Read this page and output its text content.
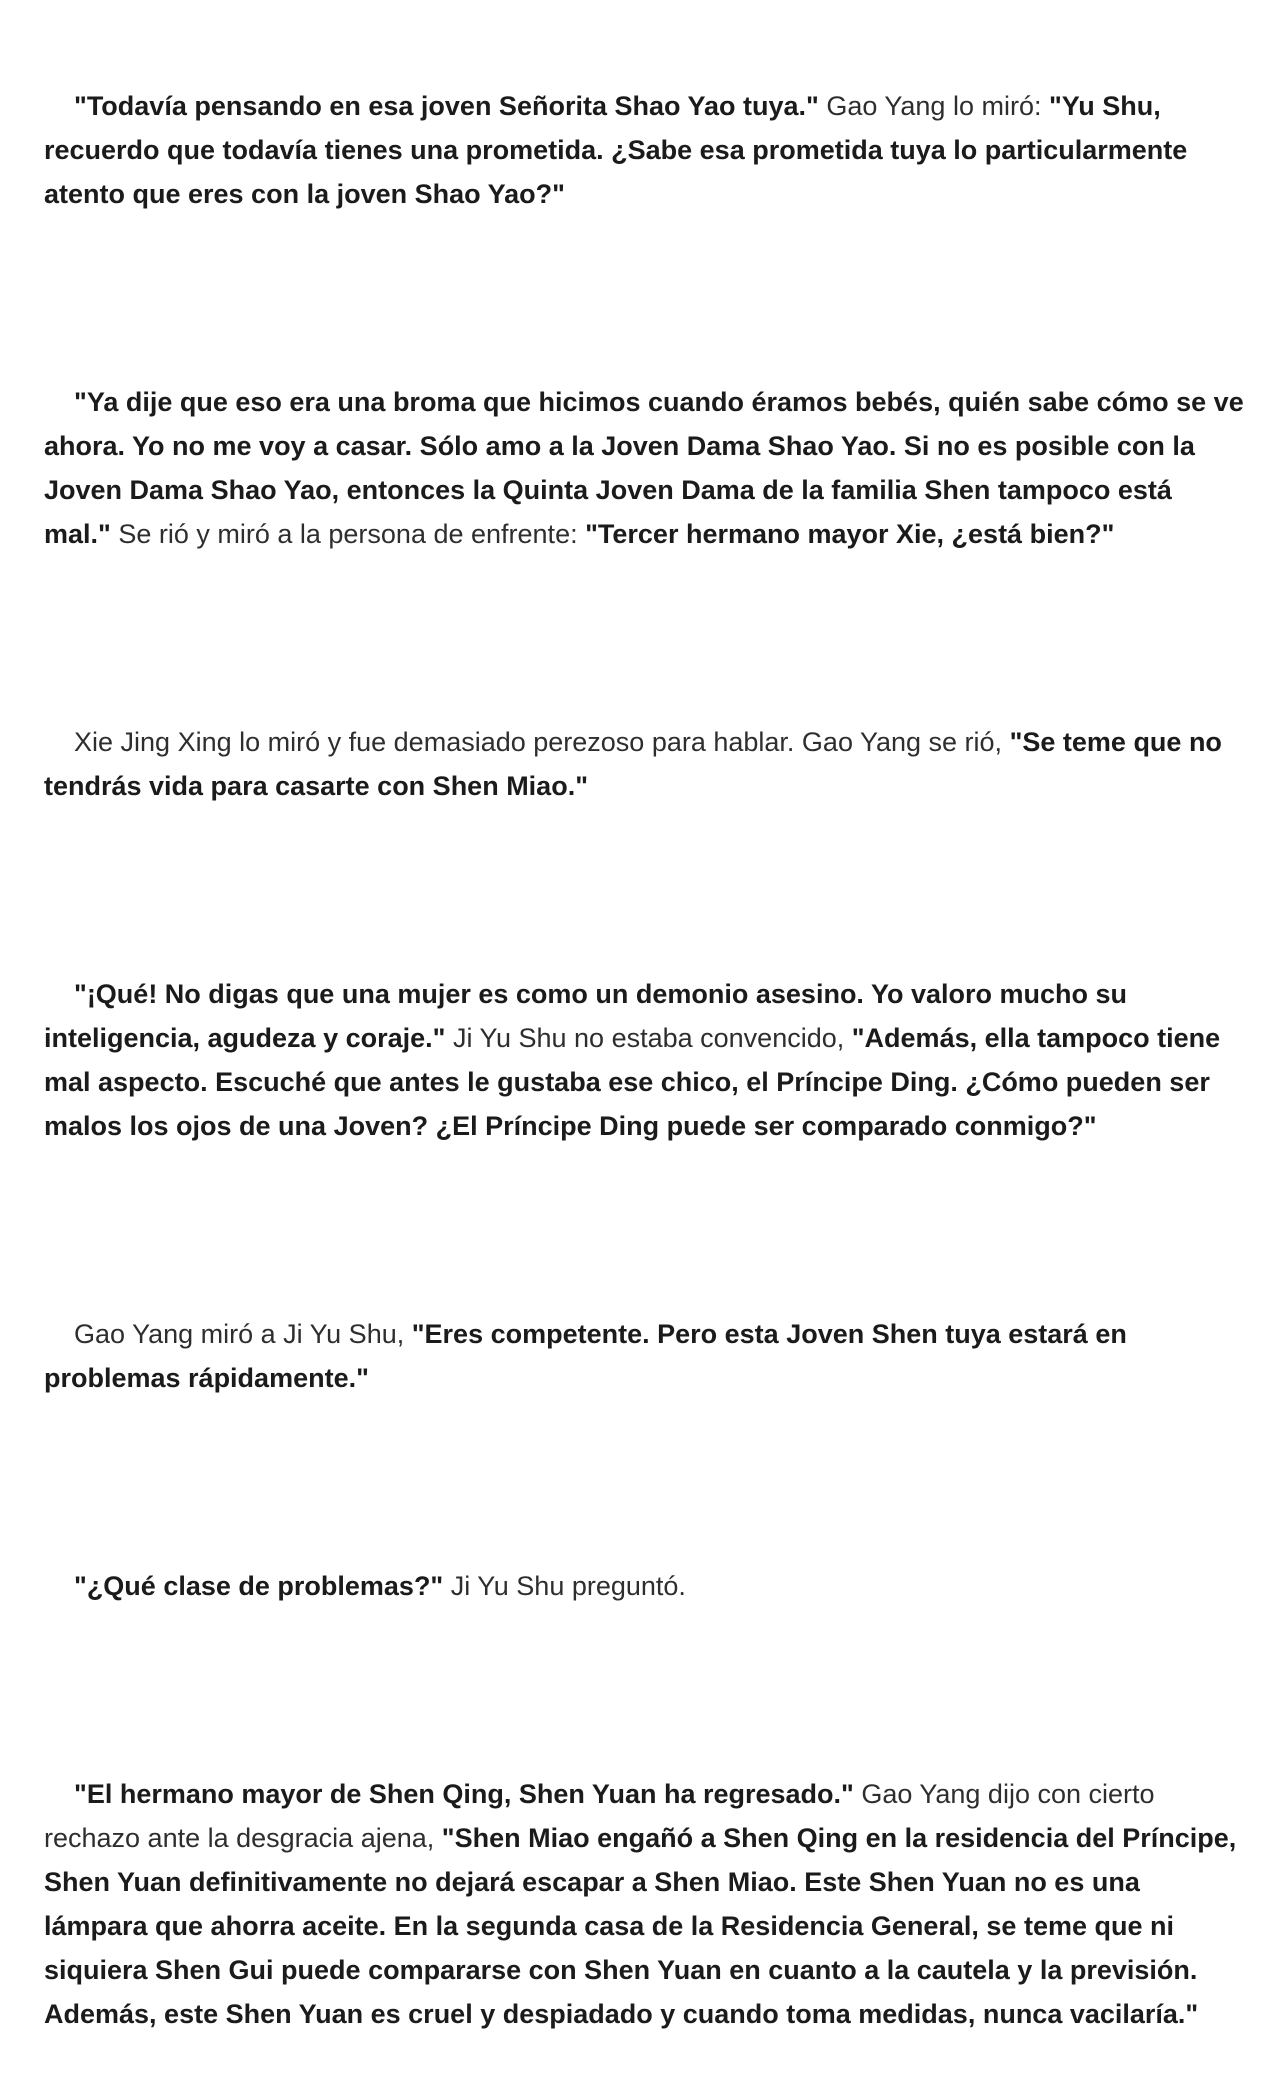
"Todavía pensando en esa joven Señorita Shao Yao tuya." Gao Yang lo miró: "Yu Shu, recuerdo que todavía tienes una prometida. ¿Sabe esa prometida tuya lo particularmente atento que eres con la joven Shao Yao?"

"Ya dije que eso era una broma que hicimos cuando éramos bebés, quién sabe cómo se ve ahora. Yo no me voy a casar. Sólo amo a la Joven Dama Shao Yao. Si no es posible con la Joven Dama Shao Yao, entonces la Quinta Joven Dama de la familia Shen tampoco está mal." Se rió y miró a la persona de enfrente: "Tercer hermano mayor Xie, ¿está bien?"

Xie Jing Xing lo miró y fue demasiado perezoso para hablar. Gao Yang se rió, "Se teme que no tendrás vida para casarte con Shen Miao."

"¡Qué! No digas que una mujer es como un demonio asesino. Yo valoro mucho su inteligencia, agudeza y coraje." Ji Yu Shu no estaba convencido, "Además, ella tampoco tiene mal aspecto. Escuché que antes le gustaba ese chico, el Príncipe Ding. ¿Cómo pueden ser malos los ojos de una Joven? ¿El Príncipe Ding puede ser comparado conmigo?"

Gao Yang miró a Ji Yu Shu, "Eres competente. Pero esta Joven Shen tuya estará en problemas rápidamente."

"¿Qué clase de problemas?" Ji Yu Shu preguntó.

"El hermano mayor de Shen Qing, Shen Yuan ha regresado." Gao Yang dijo con cierto rechazo ante la desgracia ajena, "Shen Miao engañó a Shen Qing en la residencia del Príncipe, Shen Yuan definitivamente no dejará escapar a Shen Miao. Este Shen Yuan no es una lámpara que ahorra aceite. En la segunda casa de la Residencia General, se teme que ni siquiera Shen Gui puede compararse con Shen Yuan en cuanto a la cautela y la previsión. Además, este Shen Yuan es cruel y despiadado y cuando toma medidas, nunca vacilaría."
